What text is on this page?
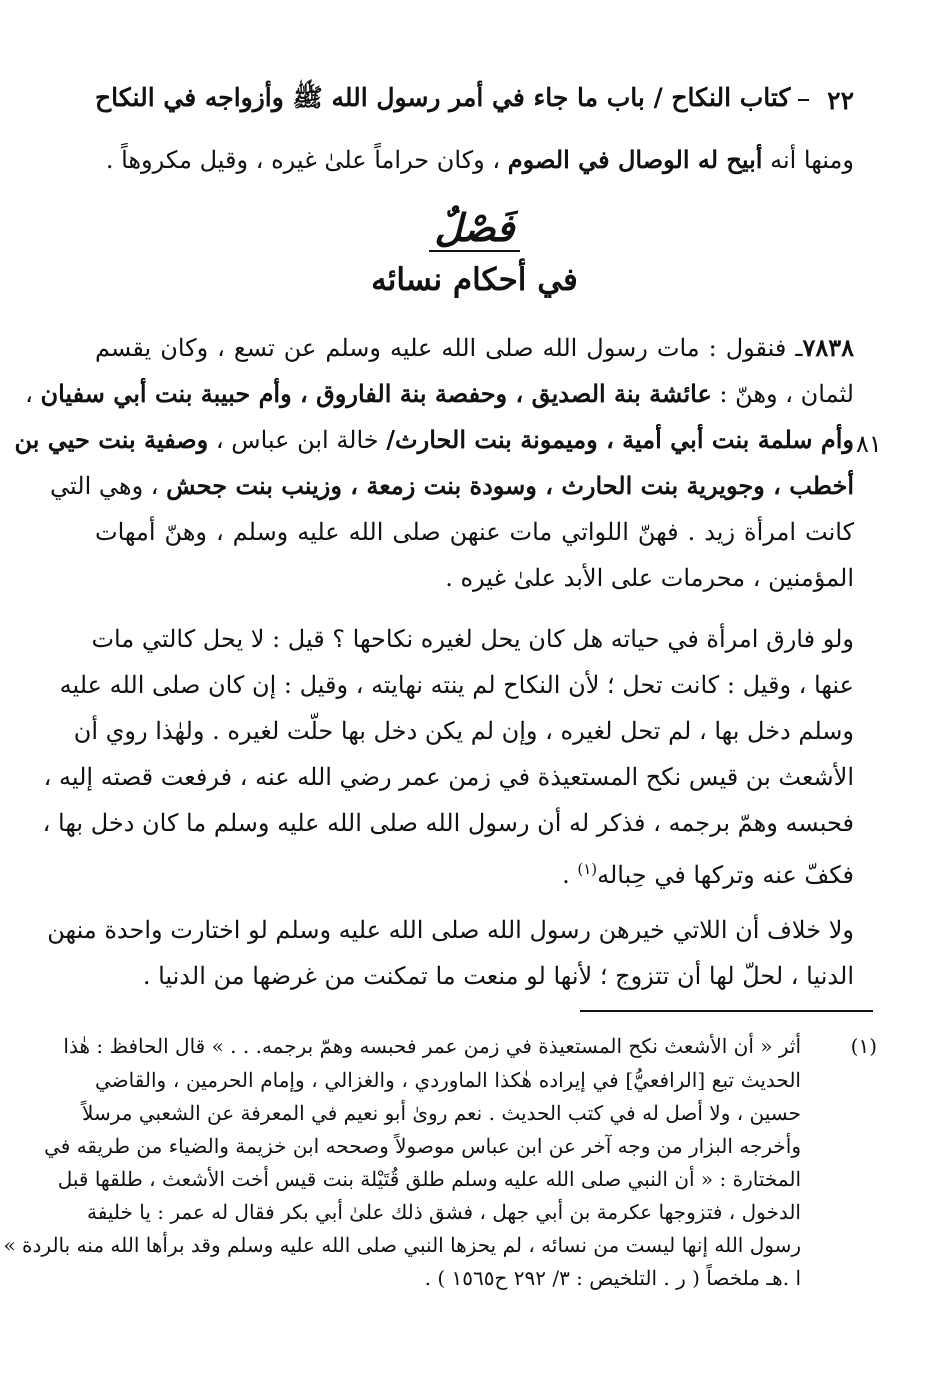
٢٢
كتاب النكاح / باب ما جاء في أمر رسول الله ﷺ وأزواجه في النكاح
ومنها أنه أبيح له الوصال في الصوم ، وكان حراماً علىٰ غيره ، وقيل مكروهاً .
فَصْلٌ
في أحكام نسائه
٨١
٧٨٣٨ـ فنقول : مات رسول الله صلى الله عليه وسلم عن تسع ، وكان يقسم
لثمان ، وهنّ : عائشة بنة الصديق ، وحفصة بنة الفاروق ، وأم حبيبة بنت أبي سفيان ،
وأم سلمة بنت أبي أمية ، وميمونة بنت الحارث/ خالة ابن عباس ، وصفية بنت حيي بن
أخطب ، وجويرية بنت الحارث ، وسودة بنت زمعة ، وزينب بنت جحش ، وهي التي
كانت امرأة زيد . فهنّ اللواتي مات عنهن صلى الله عليه وسلم ، وهنّ أمهات
المؤمنين ، محرمات على الأبد علىٰ غيره .
ولو فارق امرأة في حياته هل كان يحل لغيره نكاحها ؟ قيل : لا يحل كالتي مات
عنها ، وقيل : كانت تحل ؛ لأن النكاح لم ينته نهايته ، وقيل : إن كان صلى الله عليه
وسلم دخل بها ، لم تحل لغيره ، وإن لم يكن دخل بها حلّت لغيره . ولهٰذا روي أن
الأشعث بن قيس نكح المستعيذة في زمن عمر رضي الله عنه ، فرفعت قصته إليه ،
فحبسه وهمّ برجمه ، فذكر له أن رسول الله صلى الله عليه وسلم ما كان دخل بها ،
فكفّ عنه وتركها في حِباله$^{(١)}$ .
ولا خلاف أن اللاتي خيرهن رسول الله صلى الله عليه وسلم لو اختارت واحدة منهن
الدنيا ، لحلّ لها أن تتزوج ؛ لأنها لو منعت ما تمكنت من غرضها من الدنيا .
(١)
أثر « أن الأشعث نكح المستعيذة في زمن عمر فحبسه وهمّ برجمه. . . » قال الحافظ : هٰذا
الحديث تبع [الرافعيُّ] في إيراده هٰكذا الماوردي ، والغزالي ، وإمام الحرمين ، والقاضي
حسين ، ولا أصل له في كتب الحديث . نعم روىٰ أبو نعيم في المعرفة عن الشعبي مرسلاً
وأخرجه البزار من وجه آخر عن ابن عباس موصولاً وصححه ابن خزيمة والضياء من طريقه في
المختارة : « أن النبي صلى الله عليه وسلم طلق قُتَيْلة بنت قيس أخت الأشعث ، طلقها قبل
الدخول ، فتزوجها عكرمة بن أبي جهل ، فشق ذلك علىٰ أبي بكر فقال له عمر : يا خليفة
رسول الله إنها ليست من نسائه ، لم يحزها النبي صلى الله عليه وسلم وقد برأها الله منه بالردة »
ا .هـ ملخصاً ( ر . التلخيص : ٣/ ٢٩٢ ح١٥٦٥ ) .
